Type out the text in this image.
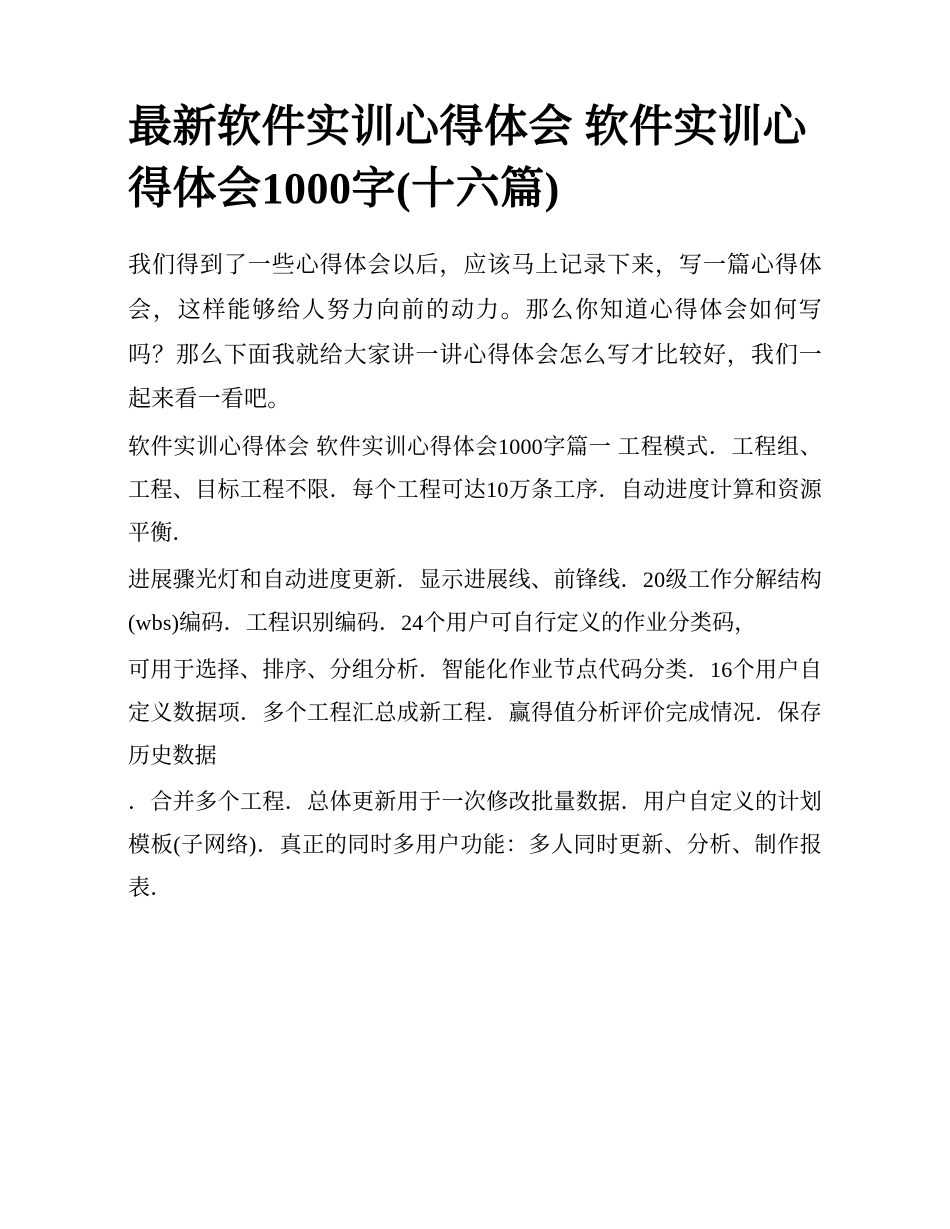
最新软件实训心得体会 软件实训心得体会1000字(十六篇)

我们得到了一些心得体会以后，应该马上记录下来，写一篇心得体会，这样能够给人努力向前的动力。那么你知道心得体会如何写吗？那么下面我就给大家讲一讲心得体会怎么写才比较好，我们一起来看一看吧。

软件实训心得体会 软件实训心得体会1000字篇一 工程模式．工程组、工程、目标工程不限．每个工程可达10万条工序．自动进度计算和资源平衡．

进展骤光灯和自动进度更新．显示进展线、前锋线．20级工作分解结构(wbs)编码．工程识别编码．24个用户可自行定义的作业分类码，

可用于选择、排序、分组分析．智能化作业节点代码分类．16个用户自定义数据项．多个工程汇总成新工程．赢得值分析评价完成情况．保存历史数据

．合并多个工程．总体更新用于一次修改批量数据．用户自定义的计划模板(子网络)．真正的同时多用户功能：多人同时更新、分析、制作报表．
